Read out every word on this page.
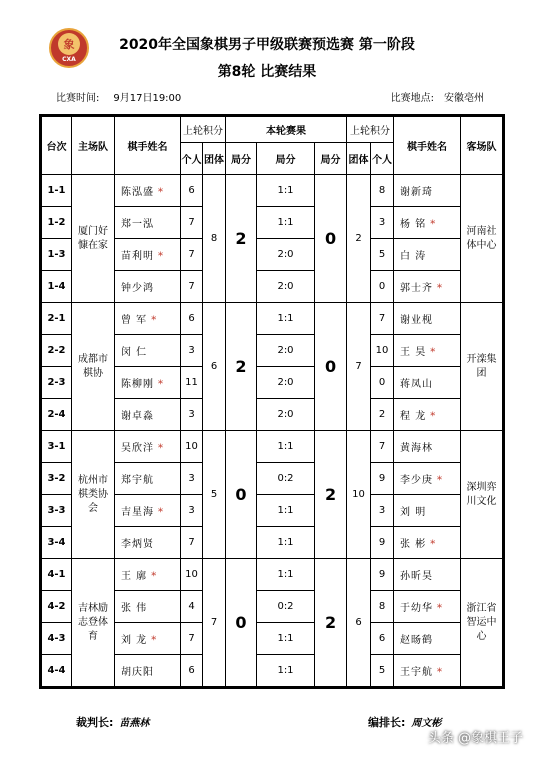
象
CXA
2020年全国象棋男子甲级联赛预选赛 第一阶段
第8轮 比赛结果
比赛时间: 9月17日19:00	比赛地点: 安徽亳州
台次	主场队	棋手姓名	上轮积分		本轮赛果			上轮积分		棋手姓名	客场队
			个人	团体	局分	局分	局分	团体	个人		
1-1	厦门好慷在家	陈泓盛 *	6	8	2	1:1	0	2	8	谢新琦	河南社体中心
1-2		郑一泓	7			1:1			3	杨 铭 *	
1-3		苗利明 *	7			2:0			5	白 涛	
1-4		钟少鸿	7			2:0			0	郭士齐 *	
2-1	成都市棋协	曾 军 *	6	6	2	1:1	0	7	7	谢业枧	开滦集团
2-2		闵 仁	3			2:0			10	王 昊 *	
2-3		陈柳刚 *	11			2:0			0	蒋凤山	
2-4		谢卓淼	3			2:0			2	程 龙 *	
3-1	杭州市棋类协会	吴欣洋 *	10	5	0	1:1	2	10	7	黄海林	深圳弈川文化
3-2		郑宇航	3			0:2			9	李少庚 *	
3-3		吉星海 *	3			1:1			3	刘 明	
3-4		李炳贤	7			1:1			9	张 彬 *	
4-1	吉林励志登体育	王 廓 *	10	7	0	1:1	2	6	9	孙昕昊	浙江省智运中心
4-2		张 伟	4			0:2			8	于幼华 *	
4-3		刘 龙 *	7			1:1			6	赵旸鹤	
4-4		胡庆阳	6			1:1			5	王宇航 *	
裁判长: 苗燕林	编排长: 周文彬
头条 @象棋王子
